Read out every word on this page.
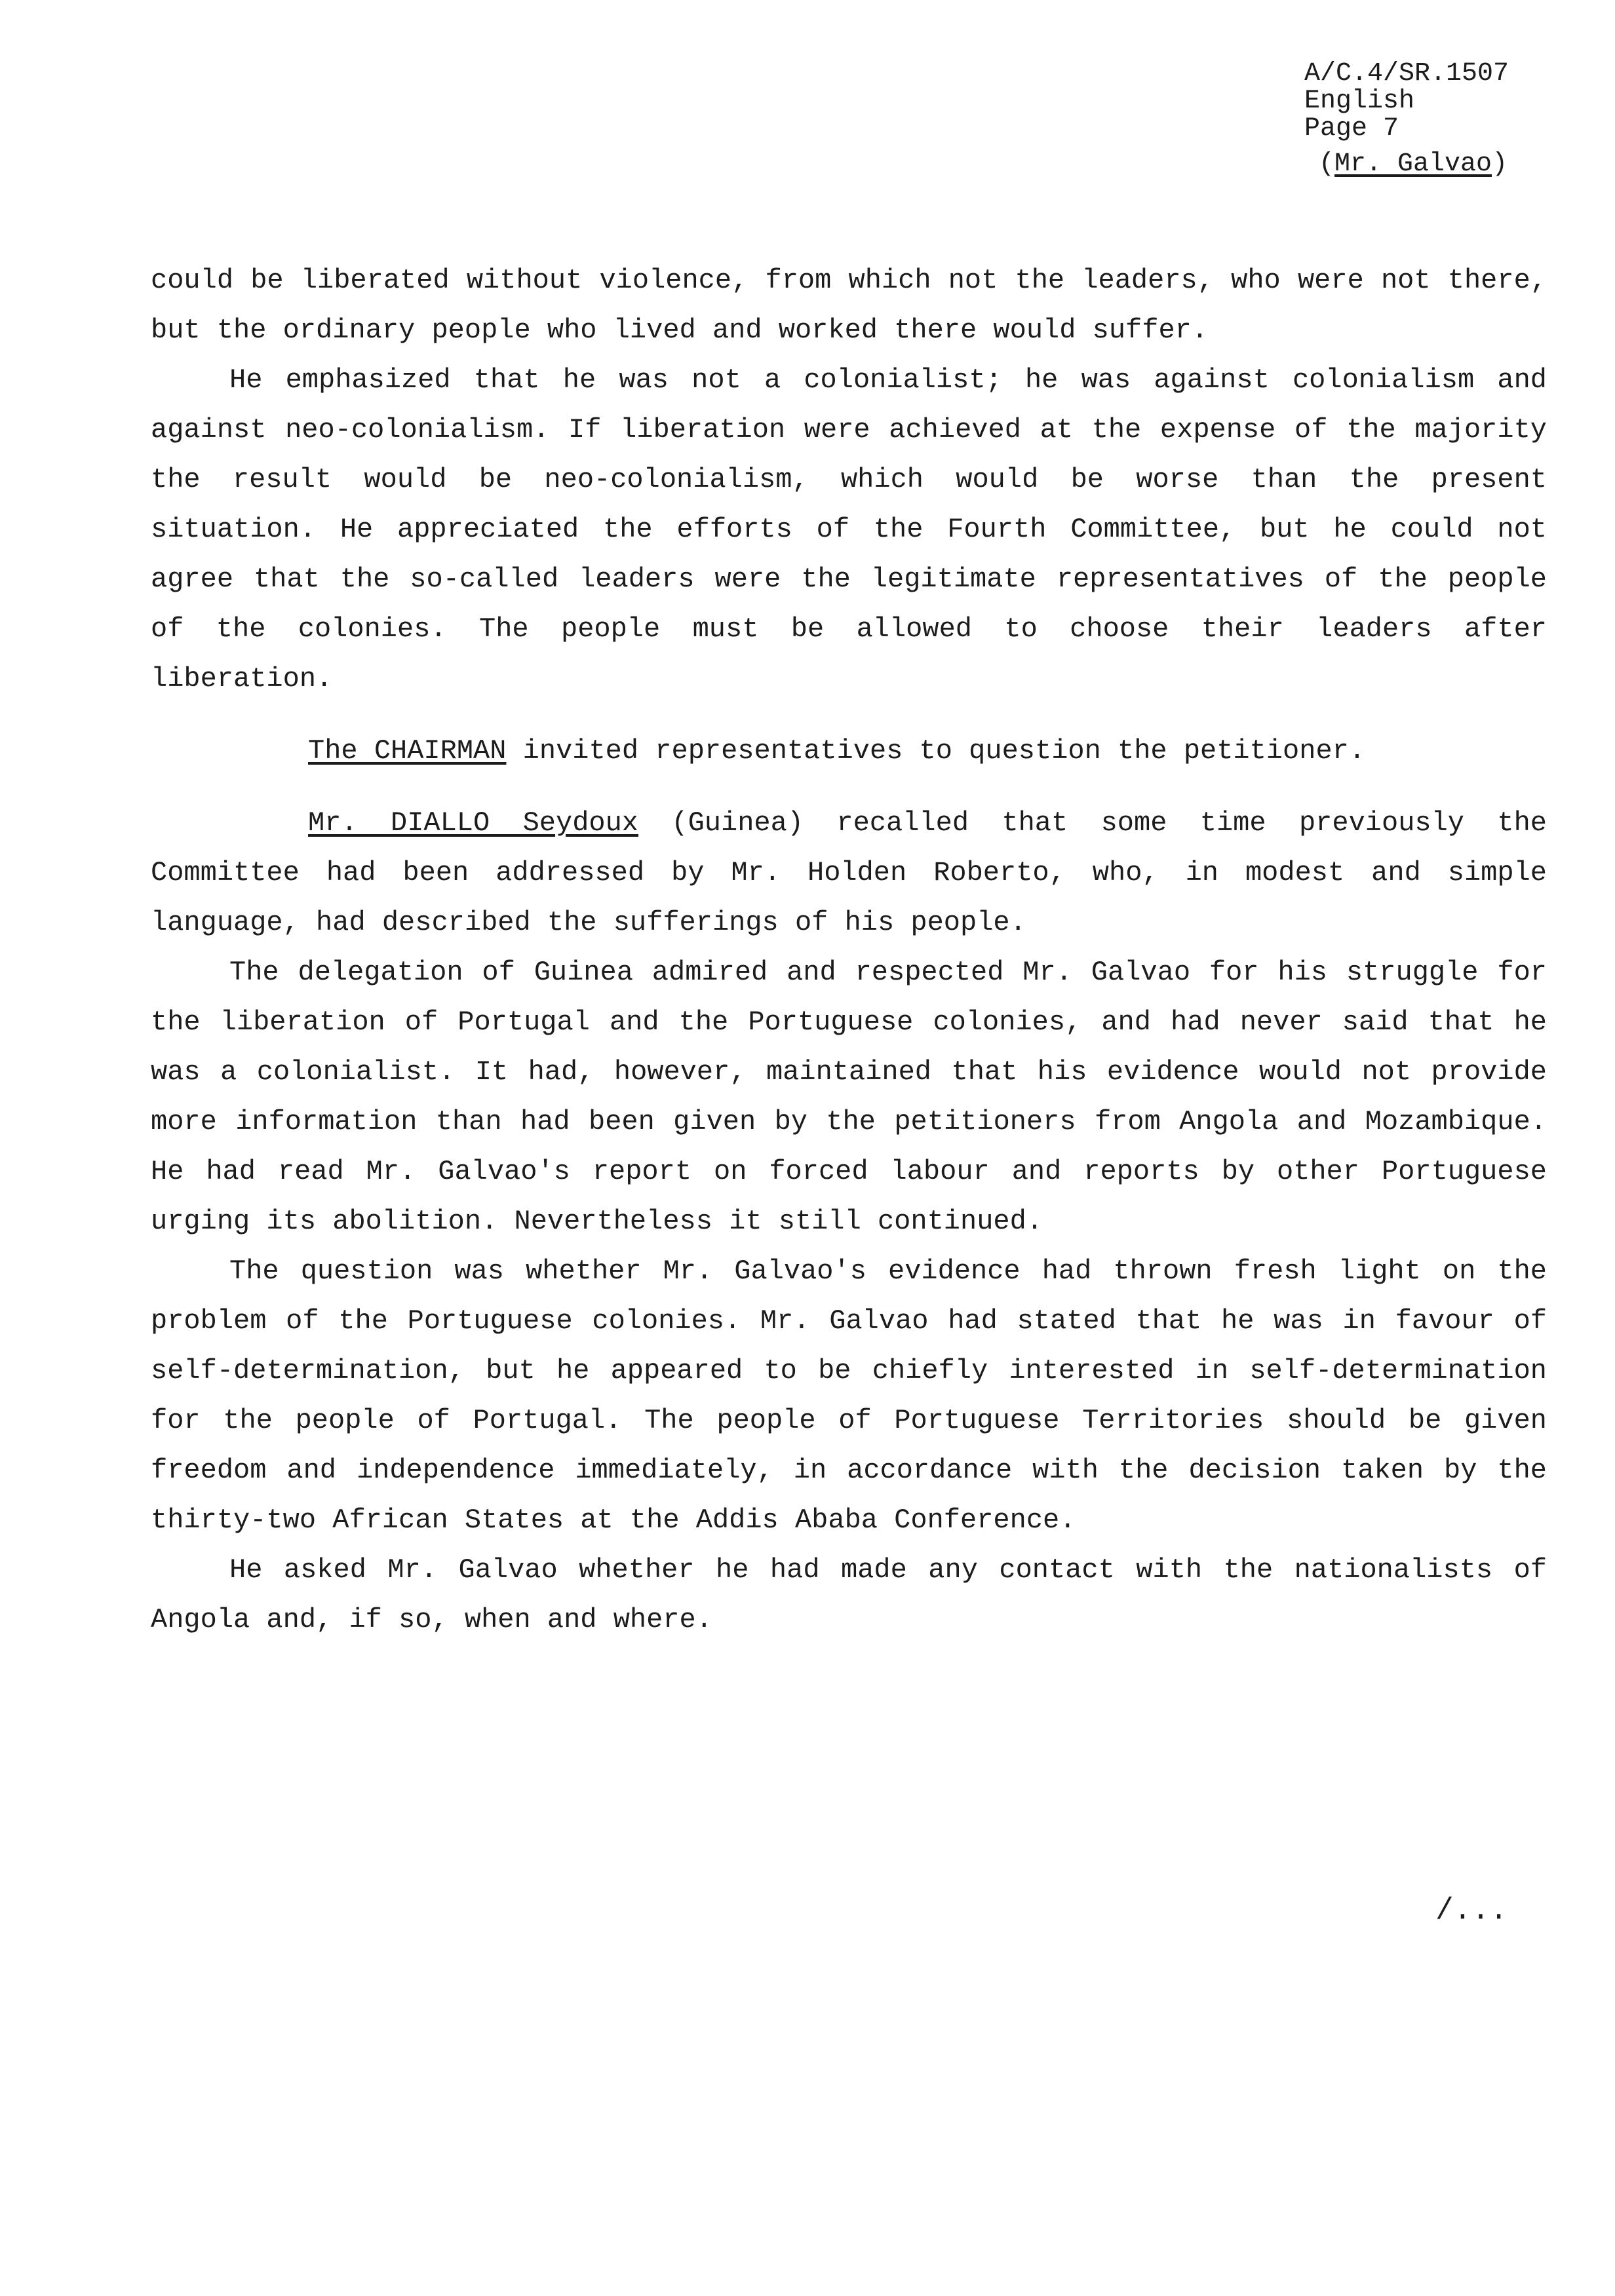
A/C.4/SR.1507
English
Page 7
(Mr. Galvao)

could be liberated without violence, from which not the leaders, who were not there, but the ordinary people who lived and worked there would suffer.

He emphasized that he was not a colonialist; he was against colonialism and against neo-colonialism. If liberation were achieved at the expense of the majority the result would be neo-colonialism, which would be worse than the present situation. He appreciated the efforts of the Fourth Committee, but he could not agree that the so-called leaders were the legitimate representatives of the people of the colonies. The people must be allowed to choose their leaders after liberation.

The CHAIRMAN invited representatives to question the petitioner.

Mr. DIALLO Seydoux (Guinea) recalled that some time previously the Committee had been addressed by Mr. Holden Roberto, who, in modest and simple language, had described the sufferings of his people.

The delegation of Guinea admired and respected Mr. Galvao for his struggle for the liberation of Portugal and the Portuguese colonies, and had never said that he was a colonialist. It had, however, maintained that his evidence would not provide more information than had been given by the petitioners from Angola and Mozambique. He had read Mr. Galvao's report on forced labour and reports by other Portuguese urging its abolition. Nevertheless it still continued.

The question was whether Mr. Galvao's evidence had thrown fresh light on the problem of the Portuguese colonies. Mr. Galvao had stated that he was in favour of self-determination, but he appeared to be chiefly interested in self-determination for the people of Portugal. The people of Portuguese Territories should be given freedom and independence immediately, in accordance with the decision taken by the thirty-two African States at the Addis Ababa Conference.

He asked Mr. Galvao whether he had made any contact with the nationalists of Angola and, if so, when and where.

/...
